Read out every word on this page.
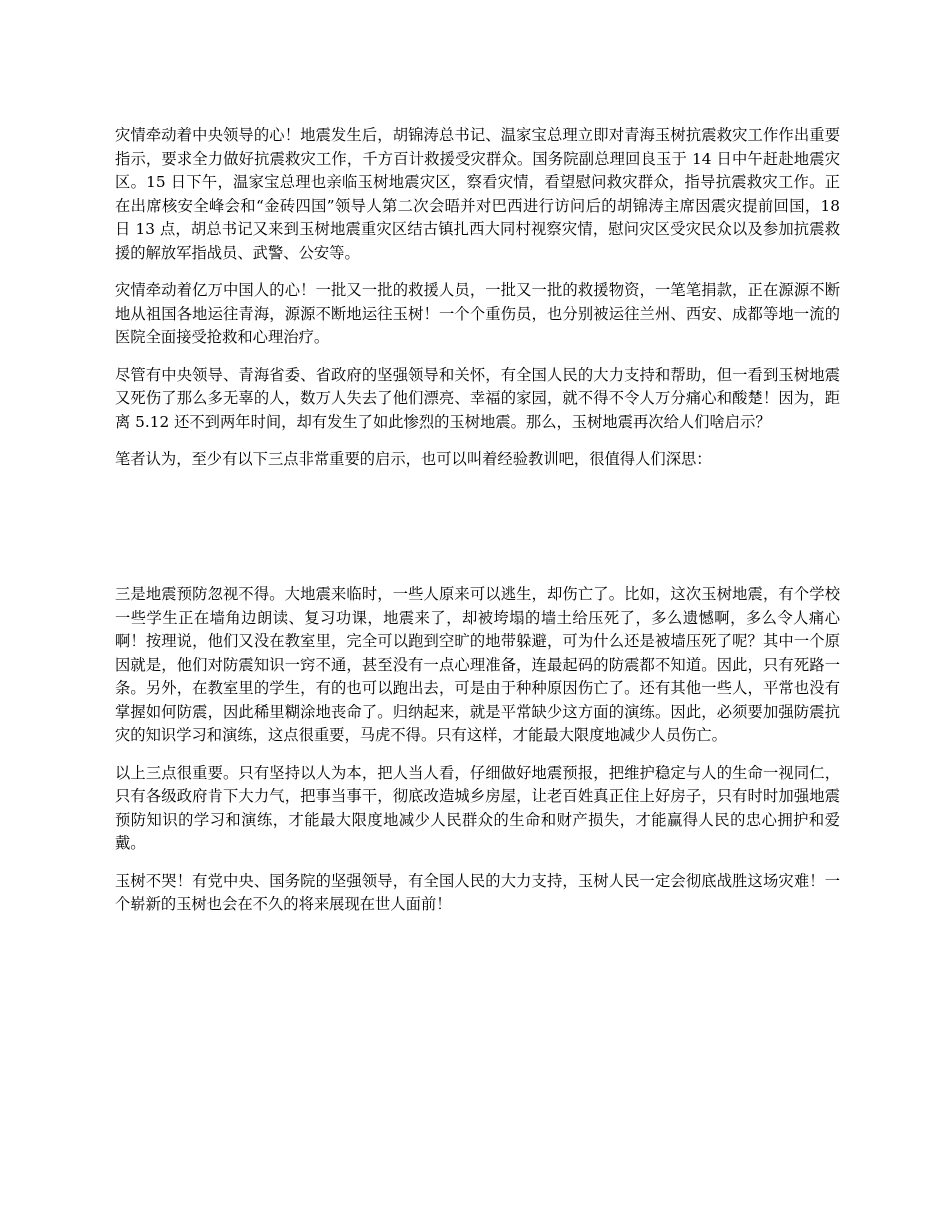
灾情牵动着中央领导的心！地震发生后，胡锦涛总书记、温家宝总理立即对青海玉树抗震救灾工作作出重要指示，要求全力做好抗震救灾工作，千方百计救援受灾群众。国务院副总理回良玉于 14 日中午赶赴地震灾区。15 日下午，温家宝总理也亲临玉树地震灾区，察看灾情，看望慰问救灾群众，指导抗震救灾工作。正在出席核安全峰会和“金砖四国”领导人第二次会晤并对巴西进行访问后的胡锦涛主席因震灾提前回国，18 日 13 点，胡总书记又来到玉树地震重灾区结古镇扎西大同村视察灾情，慰问灾区受灾民众以及参加抗震救援的解放军指战员、武警、公安等。

灾情牵动着亿万中国人的心！一批又一批的救援人员，一批又一批的救援物资，一笔笔捐款，正在源源不断地从祖国各地运往青海，源源不断地运往玉树！一个个重伤员，也分别被运往兰州、西安、成都等地一流的医院全面接受抢救和心理治疗。

尽管有中央领导、青海省委、省政府的坚强领导和关怀，有全国人民的大力支持和帮助，但一看到玉树地震又死伤了那么多无辜的人，数万人失去了他们漂亮、幸福的家园，就不得不令人万分痛心和酸楚！因为，距离 5.12 还不到两年时间，却有发生了如此惨烈的玉树地震。那么，玉树地震再次给人们啥启示？

笔者认为，至少有以下三点非常重要的启示，也可以叫着经验教训吧，很值得人们深思：

三是地震预防忽视不得。大地震来临时，一些人原来可以逃生，却伤亡了。比如，这次玉树地震，有个学校一些学生正在墙角边朗读、复习功课，地震来了，却被垮塌的墙土给压死了，多么遗憾啊，多么令人痛心啊！按理说，他们又没在教室里，完全可以跑到空旷的地带躲避，可为什么还是被墙压死了呢？其中一个原因就是，他们对防震知识一窍不通，甚至没有一点心理准备，连最起码的防震都不知道。因此，只有死路一条。另外，在教室里的学生，有的也可以跑出去，可是由于种种原因伤亡了。还有其他一些人，平常也没有掌握如何防震，因此稀里糊涂地丧命了。归纳起来，就是平常缺少这方面的演练。因此，必须要加强防震抗灾的知识学习和演练，这点很重要，马虎不得。只有这样，才能最大限度地减少人员伤亡。

以上三点很重要。只有坚持以人为本，把人当人看，仔细做好地震预报，把维护稳定与人的生命一视同仁，只有各级政府肯下大力气，把事当事干，彻底改造城乡房屋，让老百姓真正住上好房子，只有时时加强地震预防知识的学习和演练，才能最大限度地减少人民群众的生命和财产损失，才能赢得人民的忠心拥护和爱戴。

玉树不哭！有党中央、国务院的坚强领导，有全国人民的大力支持，玉树人民一定会彻底战胜这场灾难！一个崭新的玉树也会在不久的将来展现在世人面前！
